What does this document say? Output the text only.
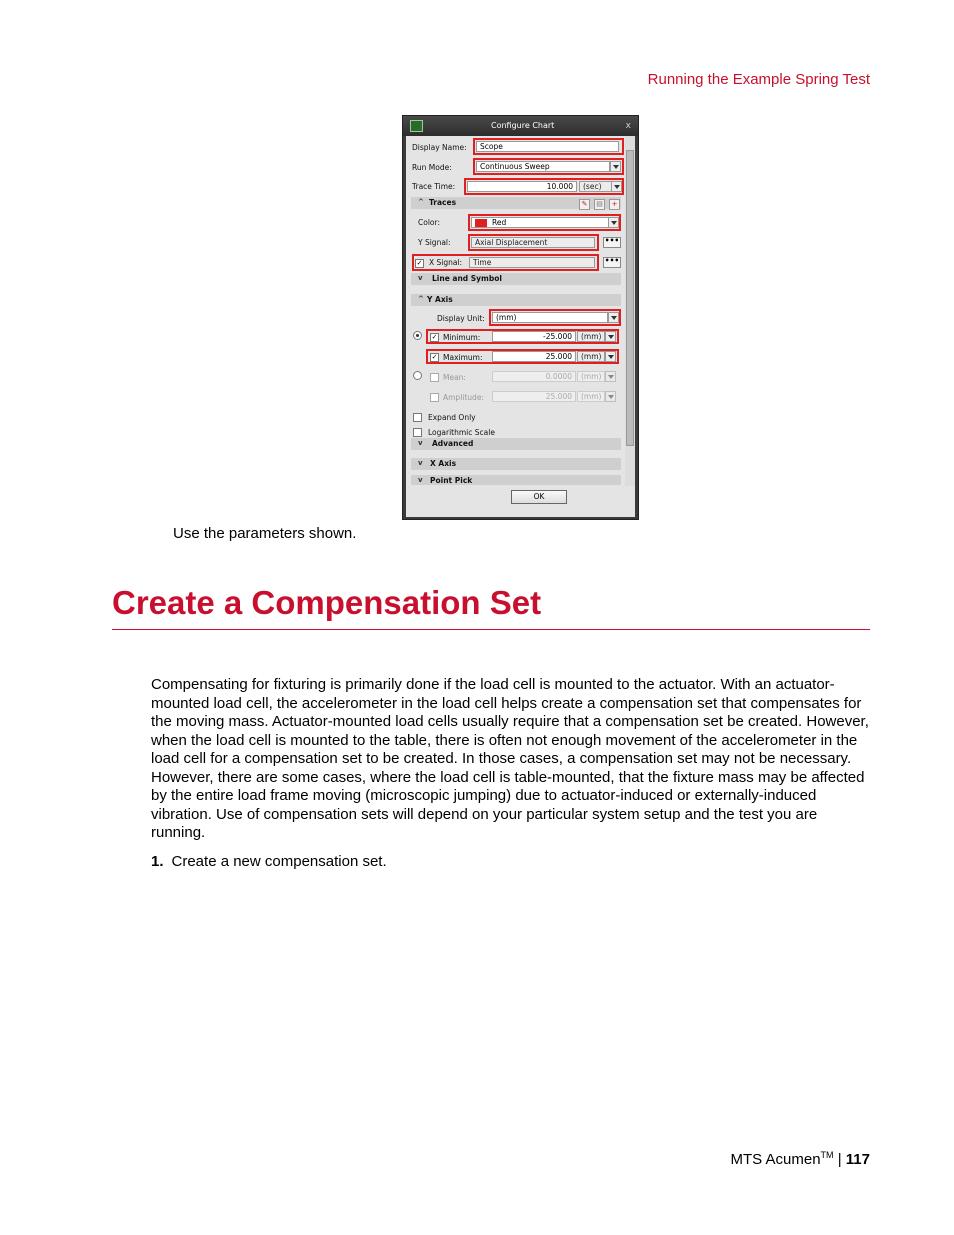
Running the Example Spring Test
Configure Chart	x
Display Name:	Scope
Run Mode:	Continuous Sweep
Trace Time:	10.000	(sec)
^ Traces	✎	▤	+
Color:	Red
Y Signal:	Axial Displacement	•••
✓ X Signal:	Time	•••
v Line and Symbol
^ Y Axis
Display Unit:	(mm)
✓ Minimum:	-25.000	(mm)
✓ Maximum:	25.000	(mm)
Mean:	0.0000	(mm)
Amplitude:	25.000	(mm)
Expand Only
Logarithmic Scale
v Advanced
v X Axis
v Point Pick
OK
Use the parameters shown.
Create a Compensation Set

Compensating for fixturing is primarily done if the load cell is mounted to the actuator. With an actuator-mounted load cell, the accelerometer in the load cell helps create a compensation set that compensates for the moving mass. Actuator-mounted load cells usually require that a compensation set be created. However, when the load cell is mounted to the table, there is often not enough movement of the accelerometer in the load cell for a compensation set to be created. In those cases, a compensation set may not be necessary. However, there are some cases, where the load cell is table-mounted, that the fixture mass may be affected by the entire load frame moving (microscopic jumping) due to actuator-induced or externally-induced vibration. Use of compensation sets will depend on your particular system setup and the test you are running.

1. Create a new compensation set.
MTS Acumen™ | 117
